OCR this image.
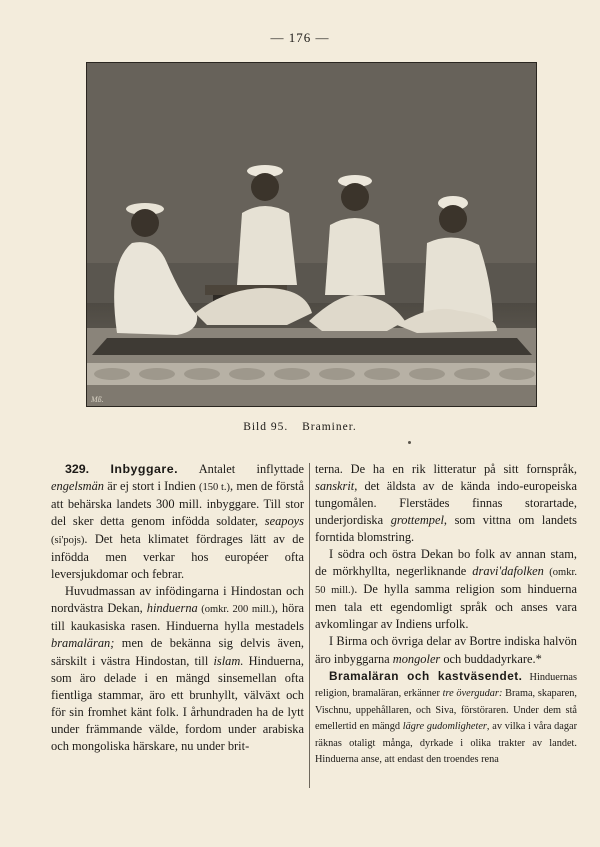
— 176 —
Mß.
Bild 95. Braminer.

329. Inbyggare. Antalet inflyttade engelsmän är ej stort i Indien (150 t.), men de förstå att behärska landets 300 mill. inbyggare. Till stor del sker detta genom infödda soldater, seapoys (si'pojs). Det heta klimatet fördrages lätt av de infödda men verkar hos européer ofta leversjukdomar och febrar.

Huvudmassan av infödingarna i Hindostan och nordvästra Dekan, hinduerna (omkr. 200 mill.), höra till kaukasiska rasen. Hinduerna hylla mestadels bramaläran; men de bekänna sig delvis även, särskilt i västra Hindostan, till islam. Hinduerna, som äro delade i en mängd sinsemellan ofta fientliga stammar, äro ett brunhyllt, välväxt och för sin fromhet känt folk. I århundraden ha de lytt under främmande välde, fordom under arabiska och mongoliska härskare, nu under brit-

terna. De ha en rik litteratur på sitt fornspråk, sanskrit, det äldsta av de kända indo-europeiska tungomålen. Flerstädes finnas storartade, underjordiska grottempel, som vittna om landets forntida blomstring.

I södra och östra Dekan bo folk av annan stam, de mörkhyllta, negerliknande dravi'dafolken (omkr. 50 mill.). De hylla samma religion som hinduerna men tala ett egendomligt språk och anses vara avkomlingar av Indiens urfolk.

I Birma och övriga delar av Bortre indiska halvön äro inbyggarna mongoler och buddadyrkare.*

Bramaläran och kastväsendet. Hinduernas religion, bramaläran, erkänner tre övergudar: Brama, skaparen, Vischnu, uppehållaren, och Siva, förstöraren. Under dem stå emellertid en mängd lägre gudomligheter, av vilka i våra dagar räknas otaligt många, dyrkade i olika trakter av landet. Hinduerna anse, att endast den troendes rena
